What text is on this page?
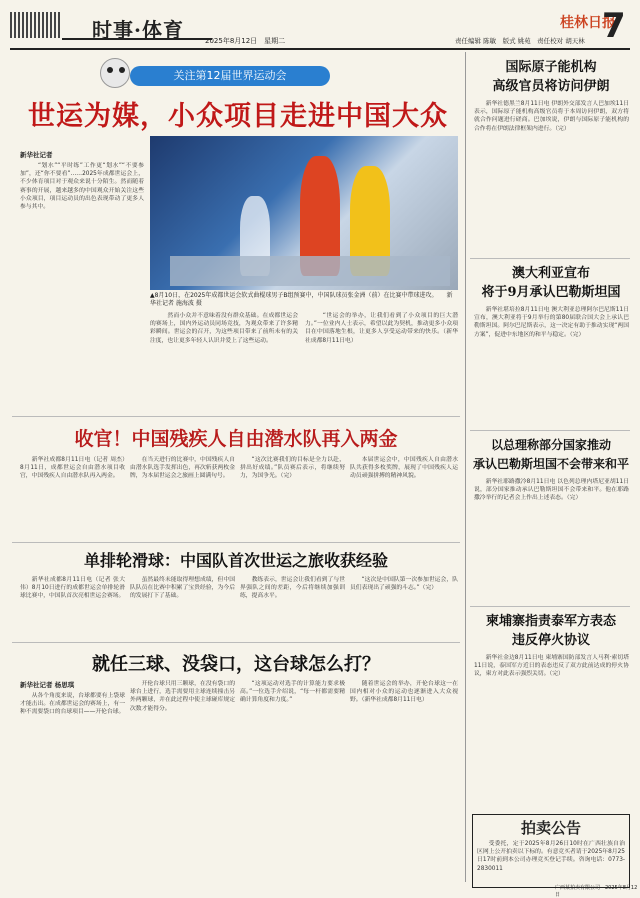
时事·体育	2025年8月12日　星期二	责任编辑 陈敏　版式 姚苑　责任校对 胡天林
桂林日报
7
关注第12届世界运动会
世运为媒，小众项目走进中国大众
新华社记者

　“划水”“平时练”工作更“划水”“不要参加”，还“你不要看”……2025年成都世运会上，不少体育项目对于观众来说十分陌生。然而随着赛事的开展，越来越多的中国观众开始关注这些小众项目，项目运动员的出色表现带动了更多人参与其中。

▲8月10日，在2025年成都世运会软式曲棍球男子B组预赛中，中国队球员张金洲（前）在比赛中带球进攻。　　新华社记者 施海波 摄

　然而小众并不意味着没有群众基础。在成都世运会的赛场上，国内外运动员同场竞技，为观众带来了许多精彩瞬间。世运会的召开，为这些项目带来了前所未有的关注度，也让更多年轻人认识并爱上了这些运动。

　“世运会的举办，让我们看到了小众项目的巨大潜力。”一位业内人士表示，希望以此为契机，推动更多小众项目在中国落地生根，让更多人享受运动带来的快乐。（新华社成都8月11日电）

收官！中国残疾人自由潜水队再入两金

新华社成都8月11日电（记者 周杰）8月11日，成都世运会自由潜水项目收官，中国残疾人自由潜水队再入两金。

在当天进行的比赛中，中国残疾人自由潜水队选手发挥出色，再次斩获两枚金牌，为本届世运会之旅画上圆满句号。

“这次比赛我们的目标是全力以赴，拼出好成绩。”队员赛后表示，将继续努力，为国争光。（完）

本届世运会中，中国残疾人自由潜水队共获得多枚奖牌，展现了中国残疾人运动员顽强拼搏的精神风貌。

单排轮滑球：中国队首次世运之旅收获经验

新华社成都8月11日电（记者 张大伟）8月10日进行的成都世运会单排轮滑球比赛中，中国队首次亮相世运会赛场。

虽然最终未能取得理想成绩，但中国队队员在比赛中积累了宝贵经验，为今后的发展打下了基础。

教练表示，世运会让我们看到了与世界强队之间的差距，今后将继续加强训练，提高水平。

“这次是中国队第一次参加世运会，队员们表现出了顽强的斗志。”（完）

就任三球、没袋口，这台球怎么打？
新华社记者 杨思琪

从各个角度来说，台球都要有上袋球才能击出。在成都世运会的赛场上，有一种不需要袋口的台球项目——开伦台球。

开伦台球只用三颗球，在没有袋口的球台上进行，选手需要用主球连续撞击另外两颗球，并在此过程中使主球碰库规定次数才能得分。

“这项运动对选手的计算能力要求极高。”一位选手介绍说，“每一杆都需要精确计算角度和力度。”

随着世运会的举办，开伦台球这一在国内相对小众的运动也逐渐进入大众视野。（新华社成都8月11日电）

国际原子能机构
高级官员将访问伊朗

新华社德黑兰8月11日电 伊朗外交部发言人巴加埃11日表示，国际原子能机构高级官员将于本周访问伊朗，双方将就合作问题进行磋商。巴加埃说，伊朗与国际原子能机构的合作将在伊朗法律框架内进行。（完）

澳大利亚宣布
将于9月承认巴勒斯坦国

新华社堪培拉8月11日电 澳大利亚总理阿尔巴尼斯11日宣布，澳大利亚将于9月举行的第80届联合国大会上承认巴勒斯坦国。阿尔巴尼斯表示，这一决定有助于推动实现“两国方案”，促进中东地区的和平与稳定。（完）

以总理称部分国家推动
承认巴勒斯坦国不会带来和平

新华社耶路撒冷8月11日电 以色列总理内塔尼亚胡11日说，部分国家推动承认巴勒斯坦国不会带来和平。他在耶路撒冷举行的记者会上作出上述表态。（完）

柬埔寨指责泰军方表态
违反停火协议

新华社金边8月11日电 柬埔寨国防部发言人马利·索切塔11日说，泰国军方近日的表态违反了双方此前达成的停火协议，柬方对此表示强烈关切。（完）

拍卖公告

受委托，定于2025年8月26日10时在广西壮族自治区网上公开拍卖以下标的。有意竞买者请于2025年8月25日17时前到本公司办理竞买登记手续。咨询电话：0773-2830011

广西某拍卖有限公司　2025年8月12日
